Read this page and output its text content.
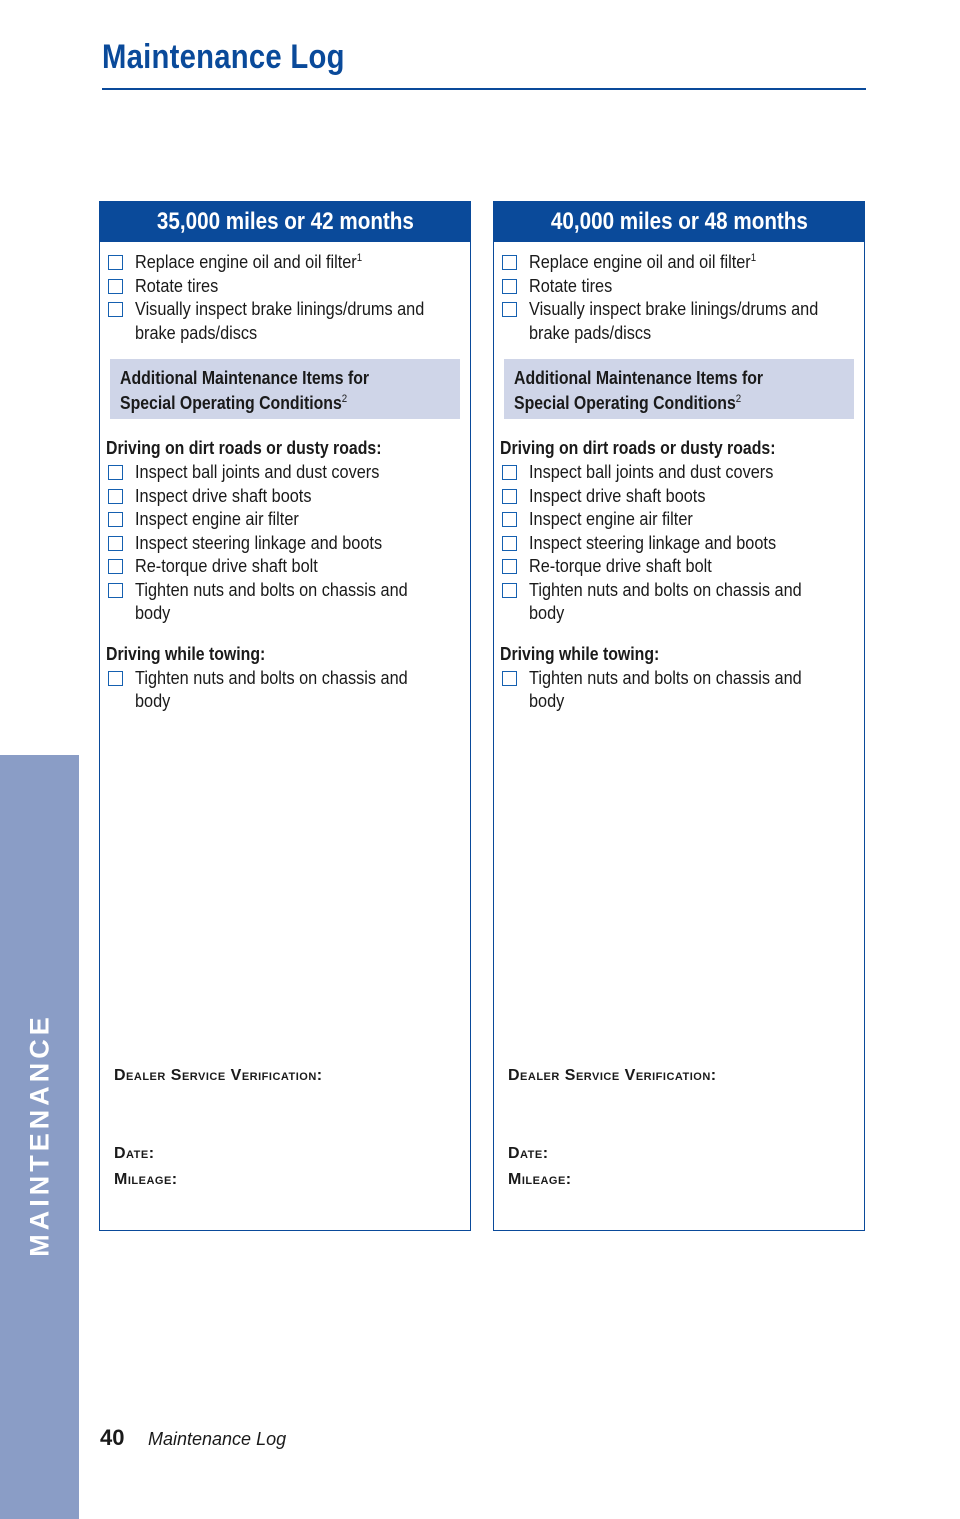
Maintenance Log
MAINTENANCE
35,000 miles or 42 months
Replace engine oil and oil filter$^1$
Rotate tires
Visually inspect brake linings/drums and brake pads/discs
Additional Maintenance Items for
Special Operating Conditions$^2$
Driving on dirt roads or dusty roads:
Inspect ball joints and dust covers
Inspect drive shaft boots
Inspect engine air filter
Inspect steering linkage and boots
Re-torque drive shaft bolt
Tighten nuts and bolts on chassis and body
Driving while towing:
Tighten nuts and bolts on chassis and body
Dealer Service Verification:
Date:
Mileage:
40,000 miles or 48 months
Replace engine oil and oil filter$^1$
Rotate tires
Visually inspect brake linings/drums and brake pads/discs
Additional Maintenance Items for
Special Operating Conditions$^2$
Driving on dirt roads or dusty roads:
Inspect ball joints and dust covers
Inspect drive shaft boots
Inspect engine air filter
Inspect steering linkage and boots
Re-torque drive shaft bolt
Tighten nuts and bolts on chassis and body
Driving while towing:
Tighten nuts and bolts on chassis and body
Dealer Service Verification:
Date:
Mileage:
40 Maintenance Log
